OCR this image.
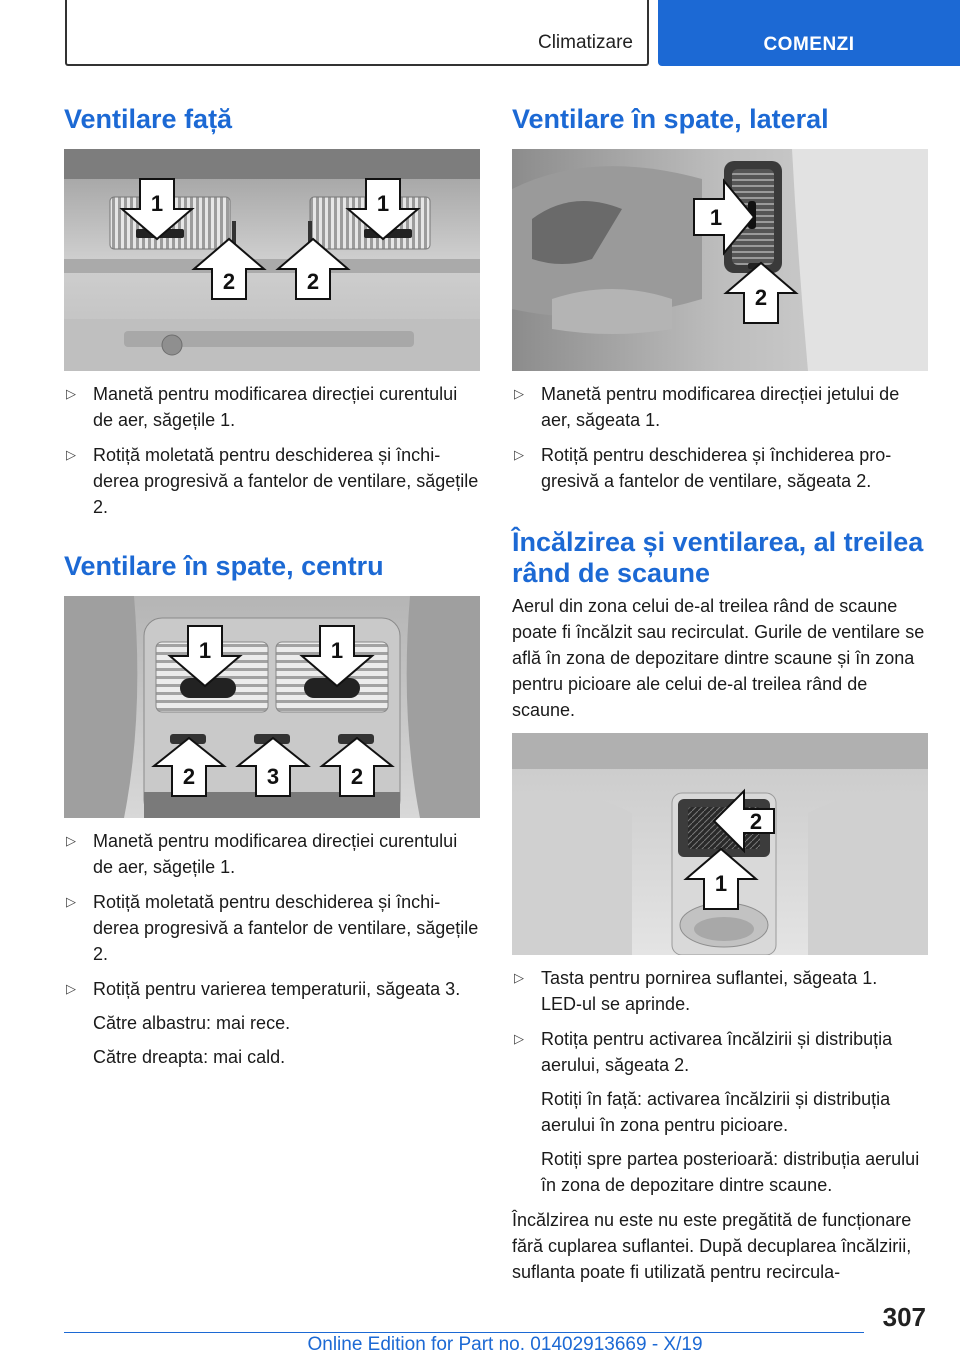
Climatizare	COMENZI
Ventilare față
1	1
2	2
▷ Manetă pentru modificarea direcției curentului de aer, săgețile 1.
▷ Rotiță moletată pentru deschiderea și închiderea progresivă a fantelor de ventilare, săgețile 2.
Ventilare în spate, centru
1	1
2	3	2
▷ Manetă pentru modificarea direcției curentului de aer, săgețile 1.
▷ Rotiță moletată pentru deschiderea și închiderea progresivă a fantelor de ventilare, săgețile 2.
▷ Rotiță pentru varierea temperaturii, săgeata 3.

Către albastru: mai rece.

Către dreapta: mai cald.

Ventilare în spate, lateral
1
2
▷ Manetă pentru modificarea direcției jetului de aer, săgeata 1.
▷ Rotiță pentru deschiderea și închiderea progresivă a fantelor de ventilare, săgeata 2.
Încălzirea și ventilarea, al treilea
rând de scaune

Aerul din zona celui de-al treilea rând de scaune poate fi încălzit sau recirculat. Gurile de ventilare se află în zona de depozitare dintre scaune și în zona pentru picioare ale celui de-al treilea rând de scaune.

2
1
▷ Tasta pentru pornirea suflantei, săgeata 1.
LED-ul se aprinde.
▷ Rotița pentru activarea încălzirii și distribuția aerului, săgeata 2.

Rotiți în față: activarea încălzirii și distribuția aerului în zona pentru picioare.

Rotiți spre partea posterioară: distribuția aerului în zona de depozitare dintre scaune.

Încălzirea nu este nu este pregătită de funcționare fără cuplarea suflantei. După decuplarea încălzirii, suflanta poate fi utilizată pentru recircula-

307
Online Edition for Part no. 01402913669 - X/19
